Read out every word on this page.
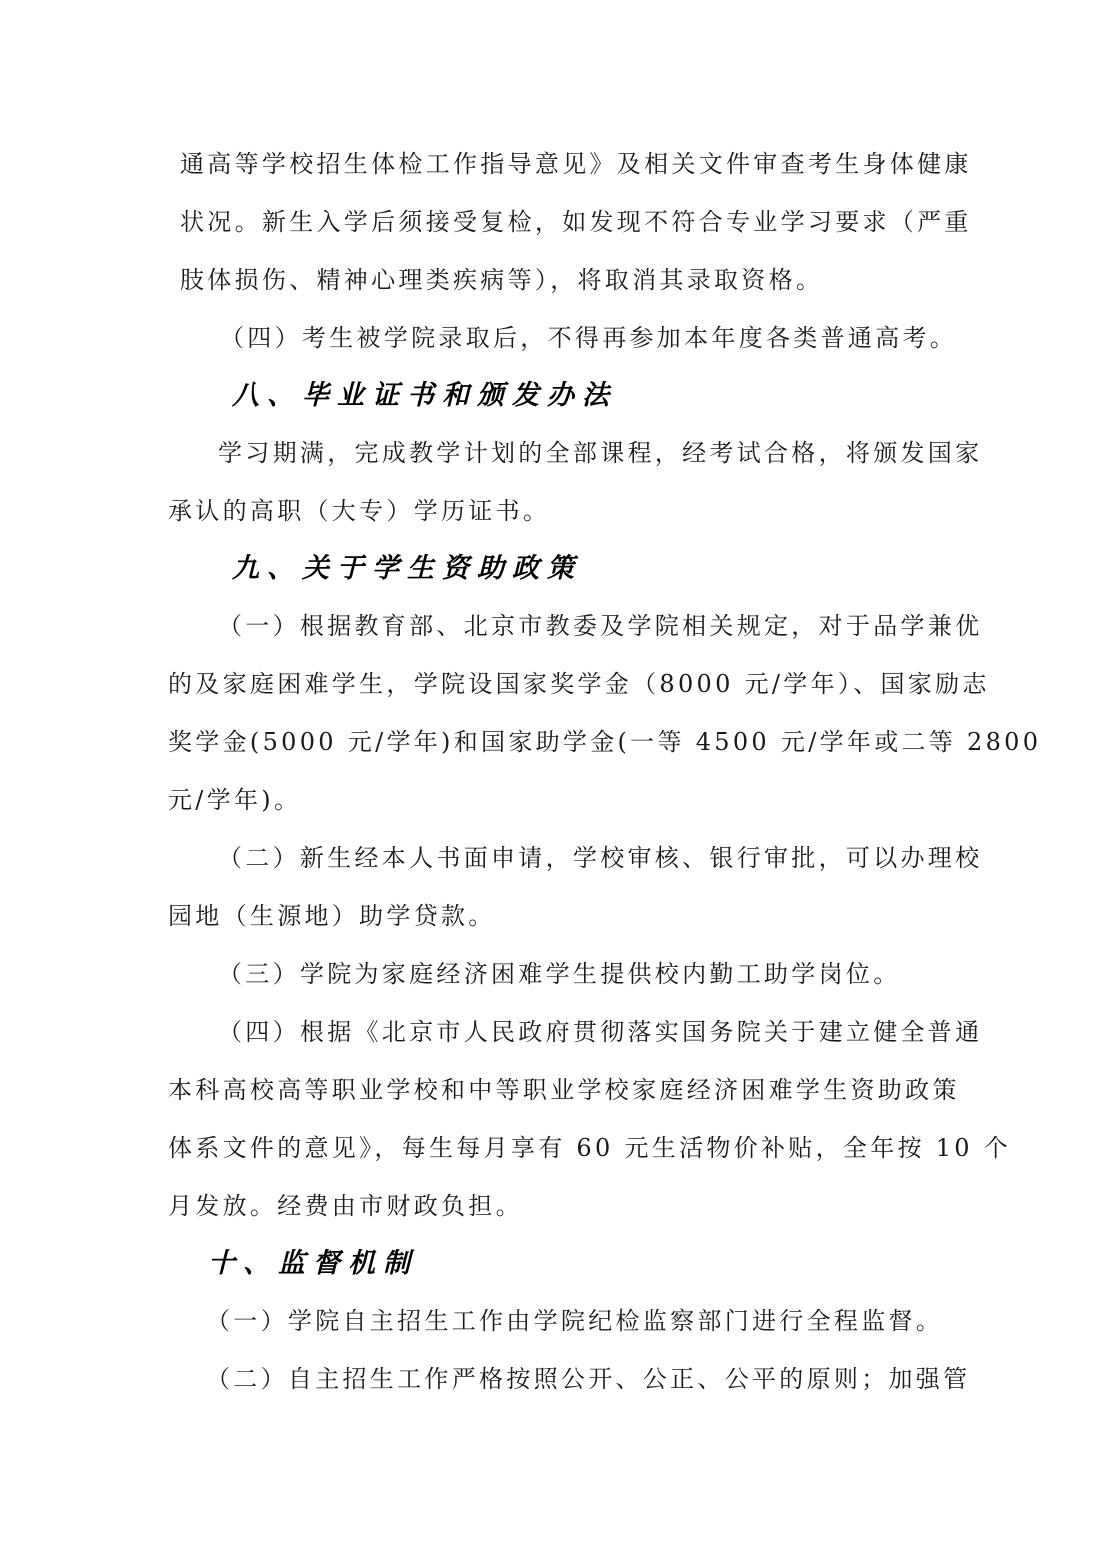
通高等学校招生体检工作指导意见》及相关文件审查考生身体健康
状况。新生入学后须接受复检，如发现不符合专业学习要求（严重
肢体损伤、精神心理类疾病等），将取消其录取资格。
（四）考生被学院录取后，不得再参加本年度各类普通高考。
八、毕业证书和颁发办法
学习期满，完成教学计划的全部课程，经考试合格，将颁发国家
承认的高职（大专）学历证书。
九、关于学生资助政策
（一）根据教育部、北京市教委及学院相关规定，对于品学兼优
的及家庭困难学生，学院设国家奖学金（8000 元/学年）、国家励志
奖学金(5000 元/学年)和国家助学金(一等 4500 元/学年或二等 2800
元/学年)。
（二）新生经本人书面申请，学校审核、银行审批，可以办理校
园地（生源地）助学贷款。
（三）学院为家庭经济困难学生提供校内勤工助学岗位。
（四）根据《北京市人民政府贯彻落实国务院关于建立健全普通
本科高校高等职业学校和中等职业学校家庭经济困难学生资助政策
体系文件的意见》，每生每月享有 60 元生活物价补贴，全年按 10 个
月发放。经费由市财政负担。
十、监督机制
（一）学院自主招生工作由学院纪检监察部门进行全程监督。
（二）自主招生工作严格按照公开、公正、公平的原则；加强管
